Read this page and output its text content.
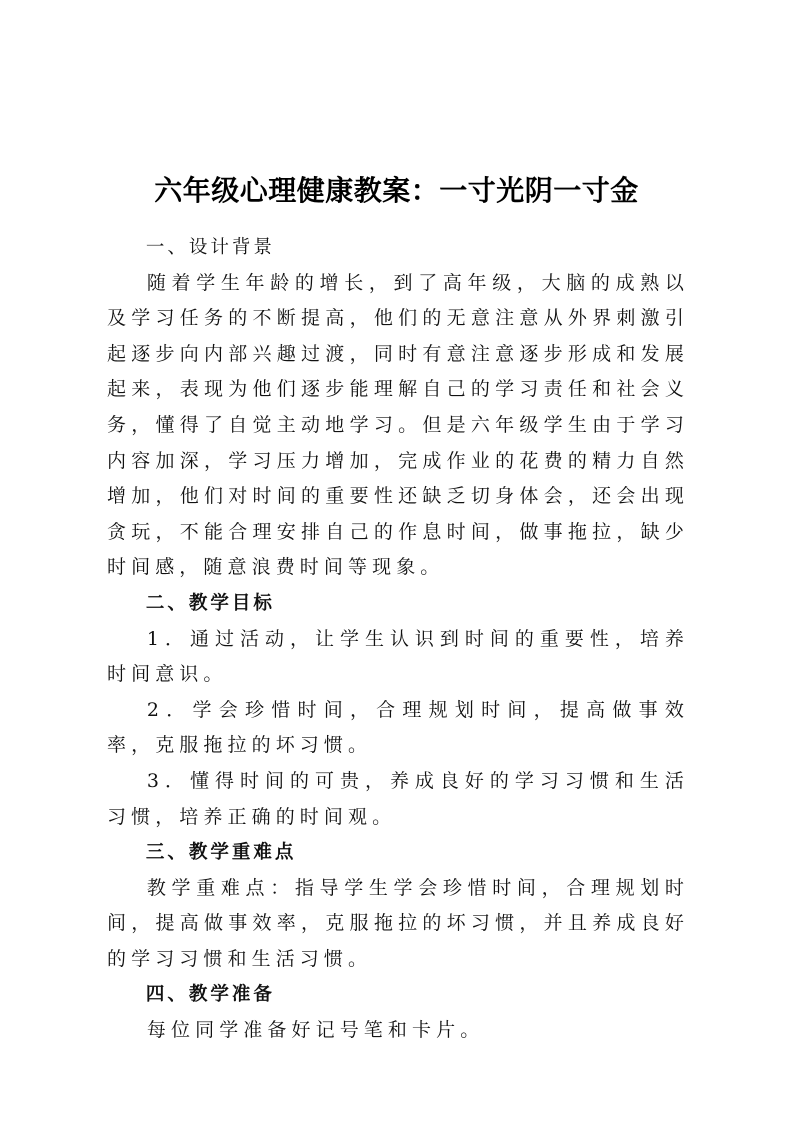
六年级心理健康教案：一寸光阴一寸金

一、设计背景

随着学生年龄的增长，到了高年级，大脑的成熟以及学习任务的不断提高，他们的无意注意从外界刺激引起逐步向内部兴趣过渡，同时有意注意逐步形成和发展起来，表现为他们逐步能理解自己的学习责任和社会义务，懂得了自觉主动地学习。但是六年级学生由于学习内容加深，学习压力增加，完成作业的花费的精力自然增加，他们对时间的重要性还缺乏切身体会，还会出现贪玩，不能合理安排自己的作息时间，做事拖拉，缺少时间感，随意浪费时间等现象。

二、教学目标

1．通过活动，让学生认识到时间的重要性，培养时间意识。

2．学会珍惜时间，合理规划时间，提高做事效率，克服拖拉的坏习惯。

3．懂得时间的可贵，养成良好的学习习惯和生活习惯，培养正确的时间观。

三、教学重难点

教学重难点：指导学生学会珍惜时间，合理规划时间，提高做事效率，克服拖拉的坏习惯，并且养成良好的学习习惯和生活习惯。

四、教学准备

每位同学准备好记号笔和卡片。
